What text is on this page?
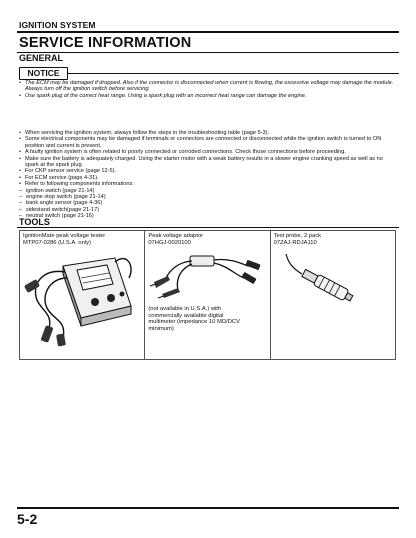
IGNITION SYSTEM
SERVICE INFORMATION
GENERAL
NOTICE
• The ECM may be damaged if dropped. Also if the connector is disconnected when current is flowing, the excessive voltage may damage the module. Always turn off the ignition switch before servicing.
• Use spark plug of the correct heat range. Using a spark plug with an incorrect heat range can damage the engine.
• When servicing the ignition system, always follow the steps in the troubleshooting table (page 5-3).
• Some electrical components may be damaged if terminals or connectors are connected or disconnected while the ignition switch is turned to ON position and current is present.
• A faulty ignition system is often related to poorly connected or corroded connections. Check those connections before proceeding.
• Make sure the battery is adequately charged. Using the starter motor with a weak battery results in a slower engine cranking speed as well as no spark at the spark plug.
• For CKP sensor service (page 12-5).
• For ECM service (page 4-31).
• Refer to following components informations:
– ignition switch (page 21-14)
– engine stop switch (page 21-14)
– bank angle sensor (page 4-36)
– sidestand switch(page 21-17)
– neutral switch (page 21-16)
TOOLS
IgnitionMate peak voltage tester
MTP07-0286 (U.S.A. only)

Peak voltage adaptor
07HGJ-0020100
(not available in U.S.A.) with
commercially available digital
multimeter (impedance 10 MΩ/DCV
minimum)

Test probe, 2 pack
07ZAJ-RDJA110
5-2
